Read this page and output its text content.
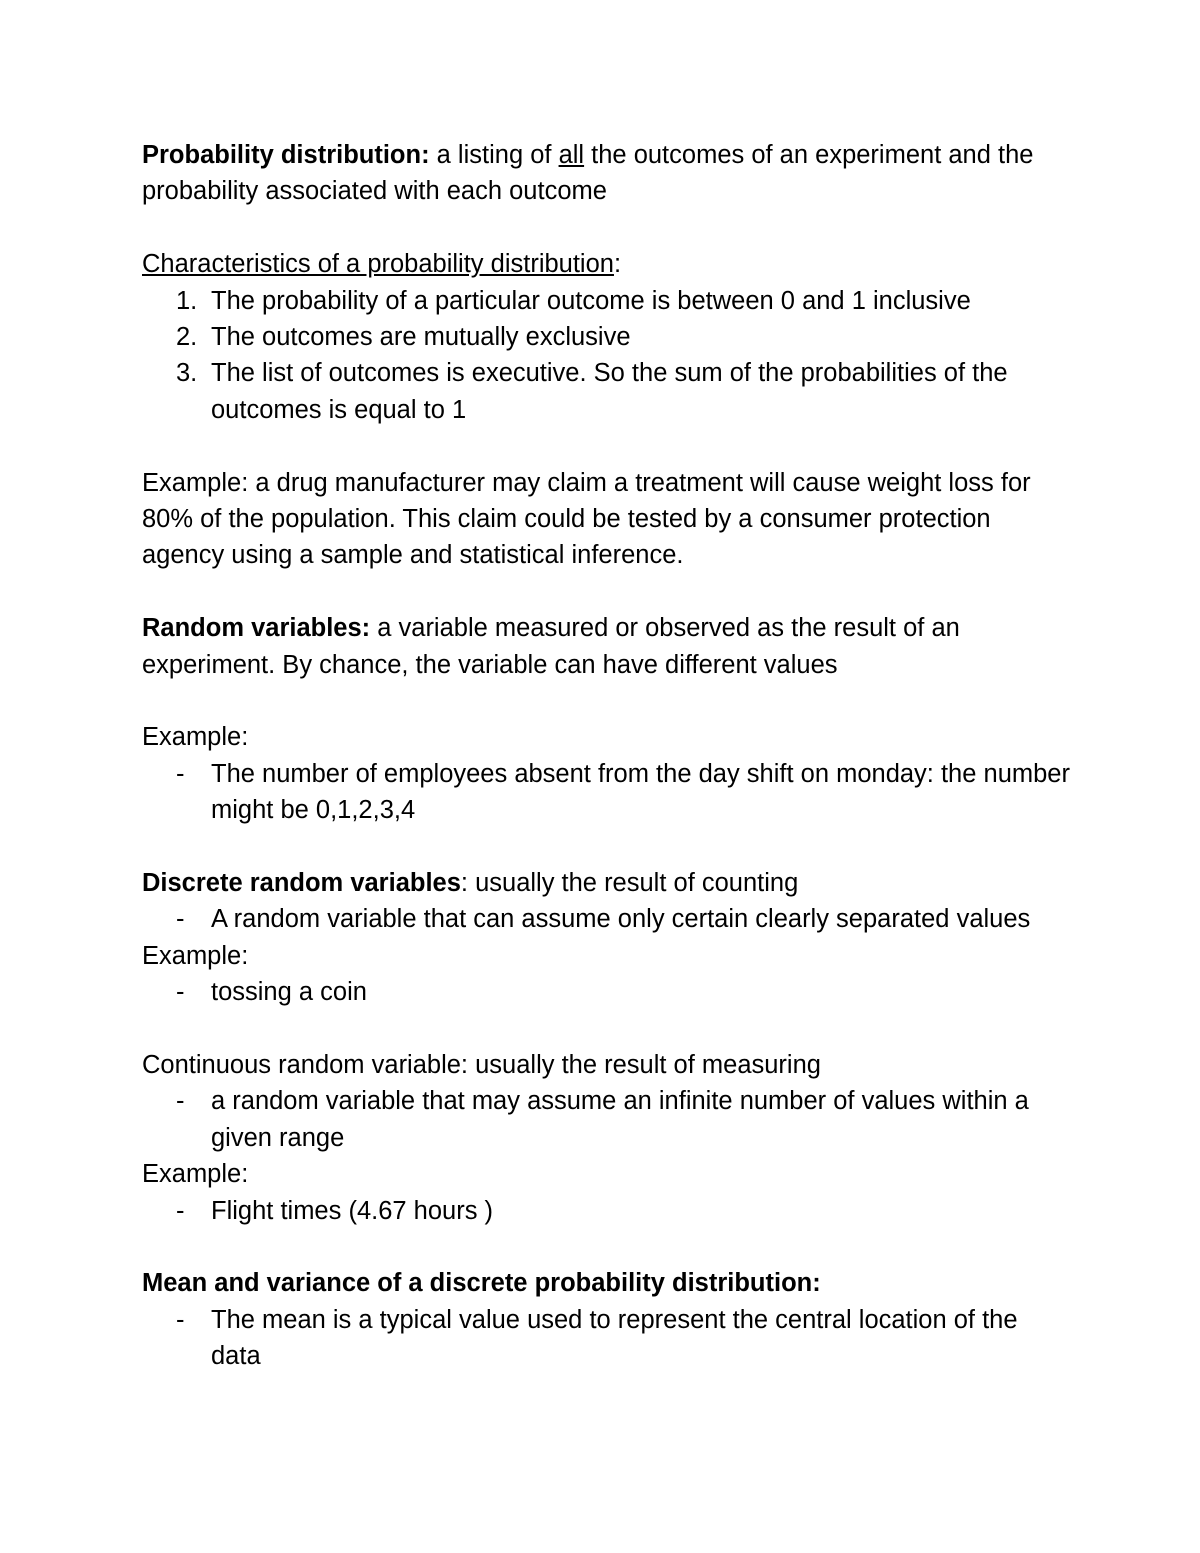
Probability distribution: a listing of all the outcomes of an experiment and the probability associated with each outcome

Characteristics of a probability distribution:

1. The probability of a particular outcome is between 0 and 1 inclusive
2. The outcomes are mutually exclusive
3. The list of outcomes is executive. So the sum of the probabilities of the outcomes is equal to 1

Example: a drug manufacturer may claim a treatment will cause weight loss for 80% of the population. This claim could be tested by a consumer protection agency using a sample and statistical inference.

Random variables: a variable measured or observed as the result of an experiment. By chance, the variable can have different values

Example:

- The number of employees absent from the day shift on monday: the number might be 0,1,2,3,4

Discrete random variables: usually the result of counting

- A random variable that can assume only certain clearly separated values

Example:

- tossing a coin

Continuous random variable: usually the result of measuring

- a random variable that may assume an infinite number of values within a given range

Example:

- Flight times (4.67 hours )

Mean and variance of a discrete probability distribution:

- The mean is a typical value used to represent the central location of the data
